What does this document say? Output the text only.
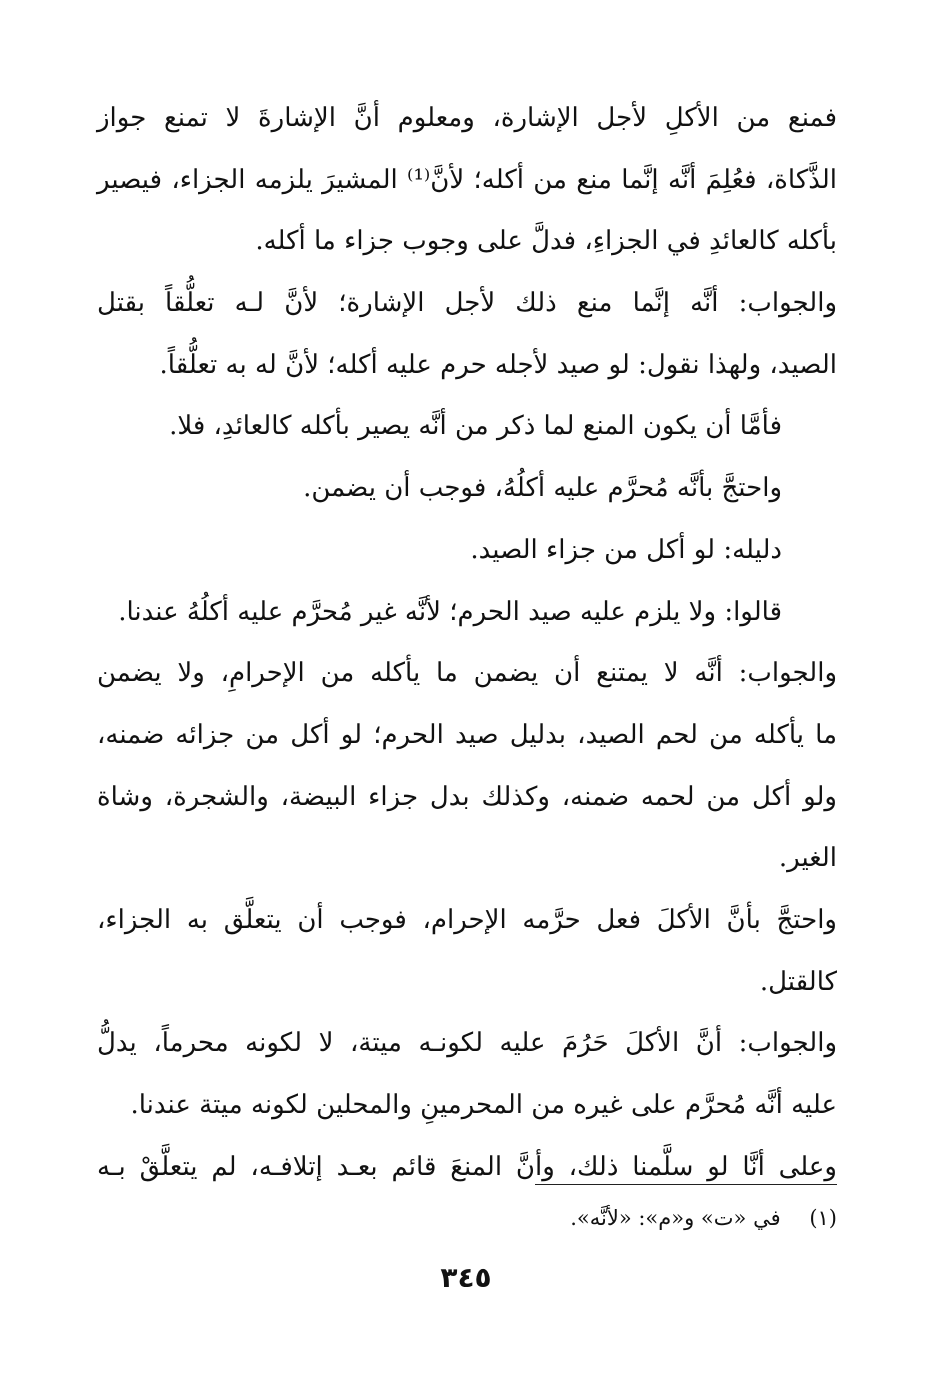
فمنع من الأكلِ لأجل الإشارة، ومعلوم أنَّ الإشارةَ لا تمنع جواز
الذَّكاة، فعُلِمَ أنَّه إنَّما منع من أكله؛ لأنَّ⁽¹⁾ المشيرَ يلزمه الجزاء، فيصير
بأكله كالعائدِ في الجزاءِ، فدلَّ على وجوب جزاء ما أكله.
والجواب: أنَّه إنَّما منع ذلك لأجل الإشارة؛ لأنَّ لـه تعلُّقاً بقتل
الصيد، ولهذا نقول: لو صيد لأجله حرم عليه أكله؛ لأنَّ له به تعلُّقاً.
فأمَّا أن يكون المنع لما ذكر من أنَّه يصير بأكله كالعائدِ، فلا.
واحتجَّ بأنَّه مُحرَّم عليه أكلُهُ، فوجب أن يضمن.
دليله: لو أكل من جزاء الصيد.
قالوا: ولا يلزم عليه صيد الحرم؛ لأنَّه غير مُحرَّم عليه أكلُهُ عندنا.
والجواب: أنَّه لا يمتنع أن يضمن ما يأكله من الإحرامِ، ولا يضمن
ما يأكله من لحم الصيد، بدليل صيد الحرم؛ لو أكل من جزائه ضمنه،
ولو أكل من لحمه ضمنه، وكذلك بدل جزاء البيضة، والشجرة، وشاة
الغير.
واحتجَّ بأنَّ الأكلَ فعل حرَّمه الإحرام، فوجب أن يتعلَّق به الجزاء،
كالقتل.
والجواب: أنَّ الأكلَ حَرُمَ عليه لكونـه ميتة، لا لكونه محرماً، يدلُّ
عليه أنَّه مُحرَّم على غيره من المحرمينِ والمحلين لكونه ميتة عندنا.
وعلى أنَّا لو سلَّمنا ذلك، وأنَّ المنعَ قائم بعـد إتلافـه، لم يتعلَّقْ بـه
(١) في «ت» و«م»: «لأنَّه».
٣٤٥
